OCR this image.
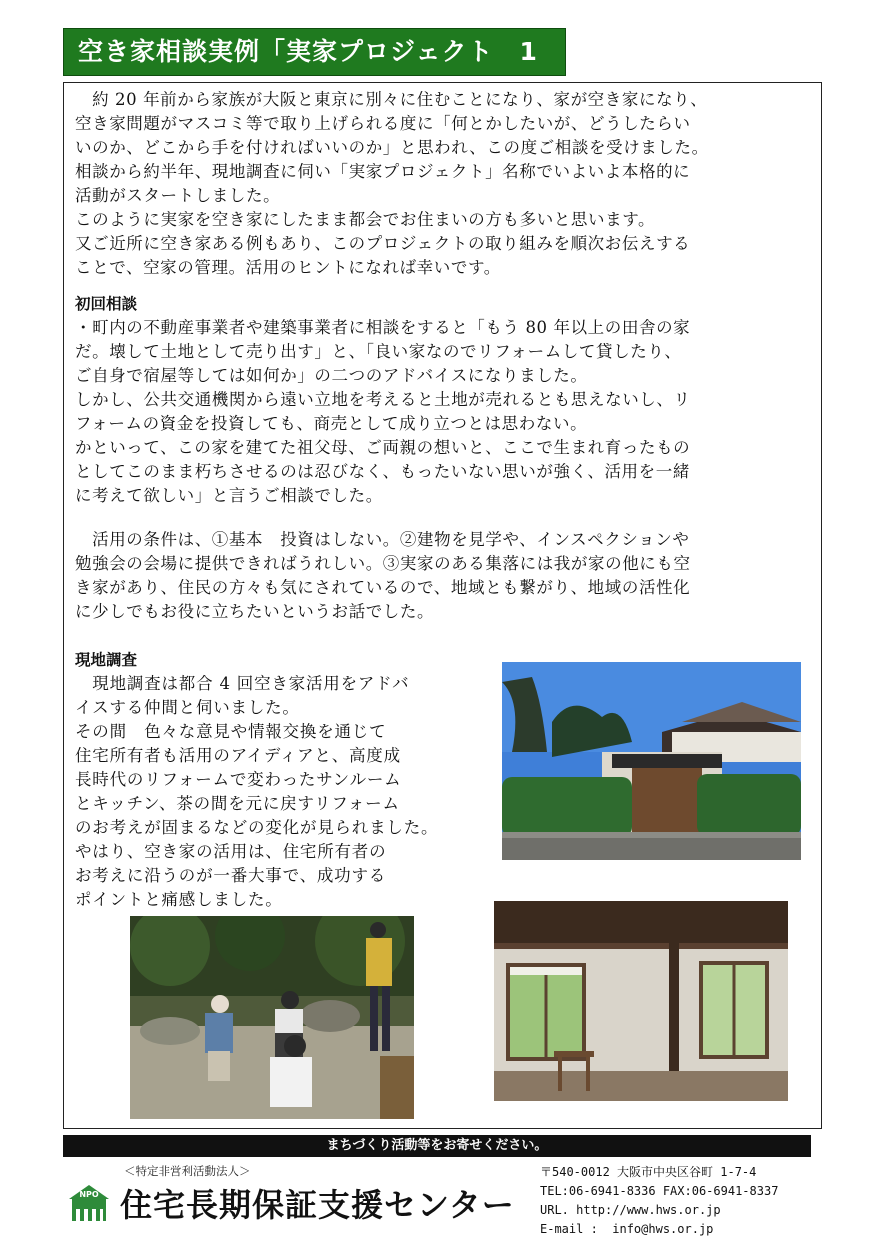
空き家相談実例「実家プロジェクト　1

　約 20 年前から家族が大阪と東京に別々に住むことになり、家が空き家になり、
空き家問題がマスコミ等で取り上げられる度に「何とかしたいが、どうしたらい
いのか、どこから手を付ければいいのか」と思われ、この度ご相談を受けました。
相談から約半年、現地調査に伺い「実家プロジェクト」名称でいよいよ本格的に
活動がスタートしました。
このように実家を空き家にしたまま都会でお住まいの方も多いと思います。
又ご近所に空き家ある例もあり、このプロジェクトの取り組みを順次お伝えする
ことで、空家の管理。活用のヒントになれば幸いです。

初回相談

・町内の不動産事業者や建築事業者に相談をすると「もう 80 年以上の田舎の家
だ。壊して土地として売り出す」と、「良い家なのでリフォームして貸したり、
ご自身で宿屋等しては如何か」の二つのアドバイスになりました。
しかし、公共交通機関から遠い立地を考えると土地が売れるとも思えないし、リ
フォームの資金を投資しても、商売として成り立つとは思わない。
かといって、この家を建てた祖父母、ご両親の想いと、ここで生まれ育ったもの
としてこのまま朽ちさせるのは忍びなく、もったいない思いが強く、活用を一緒
に考えて欲しい」と言うご相談でした。

　活用の条件は、①基本　投資はしない。②建物を見学や、インスペクションや
勉強会の会場に提供できればうれしい。③実家のある集落には我が家の他にも空
き家があり、住民の方々も気にされているので、地域とも繋がり、地域の活性化
に少しでもお役に立ちたいというお話でした。

現地調査

　現地調査は都合 4 回空き家活用をアドバ
イスする仲間と伺いました。
その間　色々な意見や情報交換を通じて
住宅所有者も活用のアイディアと、高度成
長時代のリフォームで変わったサンルーム
とキッチン、茶の間を元に戻すリフォーム
のお考えが固まるなどの変化が見られました。
やはり、空き家の活用は、住宅所有者の
お考えに沿うのが一番大事で、成功する
ポイントと痛感しました。

まちづくり活動等をお寄せください。
＜特定非営利活動法人＞
NPO 住宅長期保証支援センター
〒540-0012 大阪市中央区谷町 1-7-4
TEL:06-6941-8336 FAX:06-6941-8337
URL. http://www.hws.or.jp
E-mail :  info@hws.or.jp
